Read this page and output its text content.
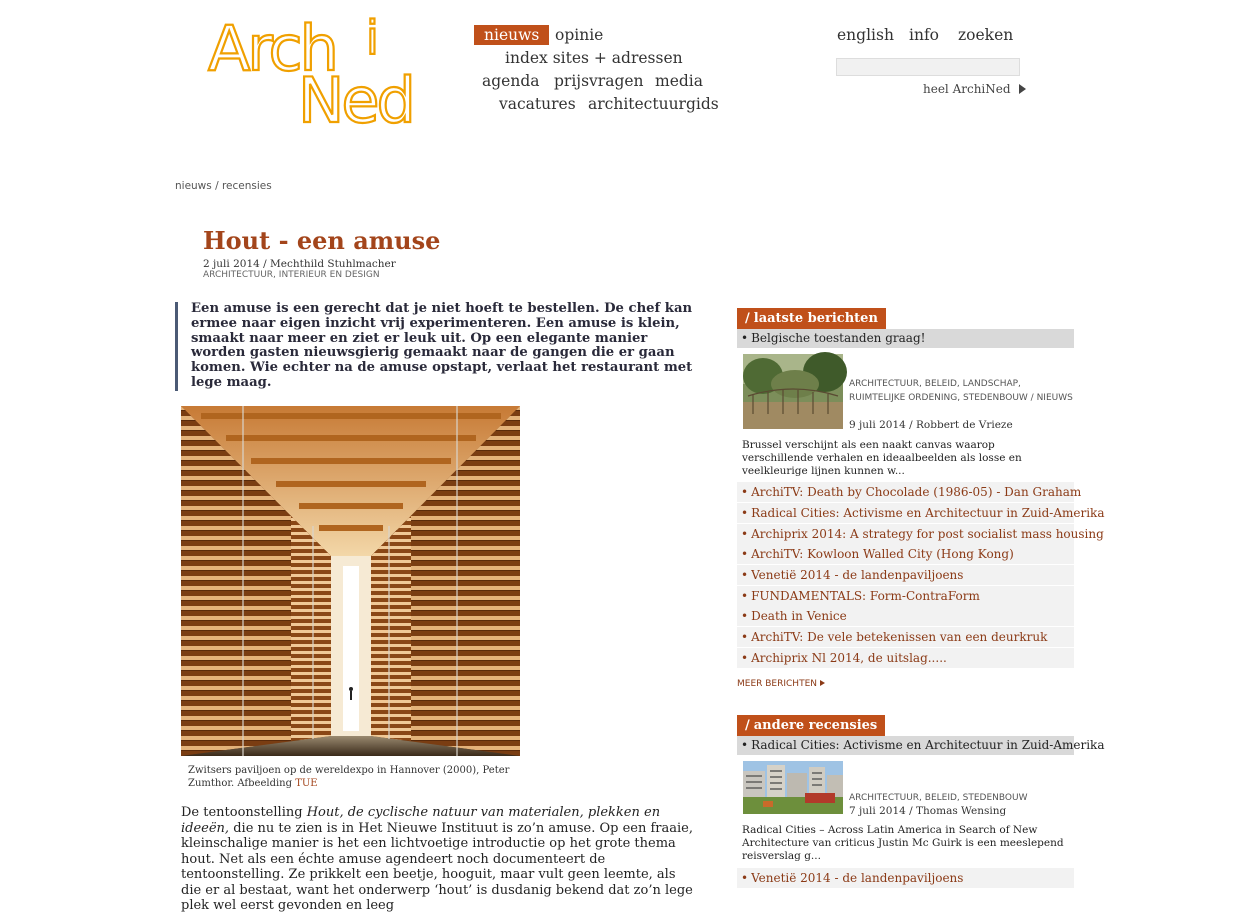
Arch i
Ned
nieuws	opinie
index sites + adressen
agenda prijsvragen media
vacatures architectuurgids
english info zoeken
heel ArchiNed
nieuws / recensies
Hout - een amuse
2 juli 2014 / Mechthild Stuhlmacher
ARCHITECTUUR, INTERIEUR EN DESIGN
Een amuse is een gerecht dat je niet hoeft te bestellen. De chef kan ermee naar eigen inzicht vrij experimenteren. Een amuse is klein, smaakt naar meer en ziet er leuk uit. Op een elegante manier worden gasten nieuwsgierig gemaakt naar de gangen die er gaan komen. Wie echter na de amuse opstapt, verlaat het restaurant met lege maag.
Zwitsers paviljoen op de wereldexpo in Hannover (2000), Peter Zumthor. Afbeelding TUE
De tentoonstelling Hout, de cyclische natuur van materialen, plekken en ideeën, die nu te zien is in Het Nieuwe Instituut is zo’n amuse. Op een fraaie, kleinschalige manier is het een lichtvoetige introductie op het grote thema hout. Net als een échte amuse agendeert noch documenteert de tentoonstelling. Ze prikkelt een beetje, hooguit, maar vult geen leemte, als die er al bestaat, want het onderwerp ‘hout’ is dusdanig bekend dat zo’n lege plek wel eerst gevonden en leeg
/ laatste berichten
• Belgische toestanden graag!
ARCHITECTUUR, BELEID, LANDSCHAP, RUIMTELIJKE ORDENING, STEDENBOUW / NIEUWS
9 juli 2014 / Robbert de Vrieze
Brussel verschijnt als een naakt canvas waarop verschillende verhalen en ideaalbeelden als losse en veelkleurige lijnen kunnen w...
• ArchiTV: Death by Chocolade (1986-05) - Dan Graham
• Radical Cities: Activisme en Architectuur in Zuid-Amerika
• Archiprix 2014: A strategy for post socialist mass housing
• ArchiTV: Kowloon Walled City (Hong Kong)
• Venetië 2014 - de landenpaviljoens
• FUNDAMENTALS: Form-ContraForm
• Death in Venice
• ArchiTV: De vele betekenissen van een deurkruk
• Archiprix Nl 2014, de uitslag.....
MEER BERICHTEN
/ andere recensies
• Radical Cities: Activisme en Architectuur in Zuid-Amerika
ARCHITECTUUR, BELEID, STEDENBOUW
7 juli 2014 / Thomas Wensing
Radical Cities – Across Latin America in Search of New Architecture van criticus Justin Mc Guirk is een meeslepend reisverslag g...
• Venetië 2014 - de landenpaviljoens
